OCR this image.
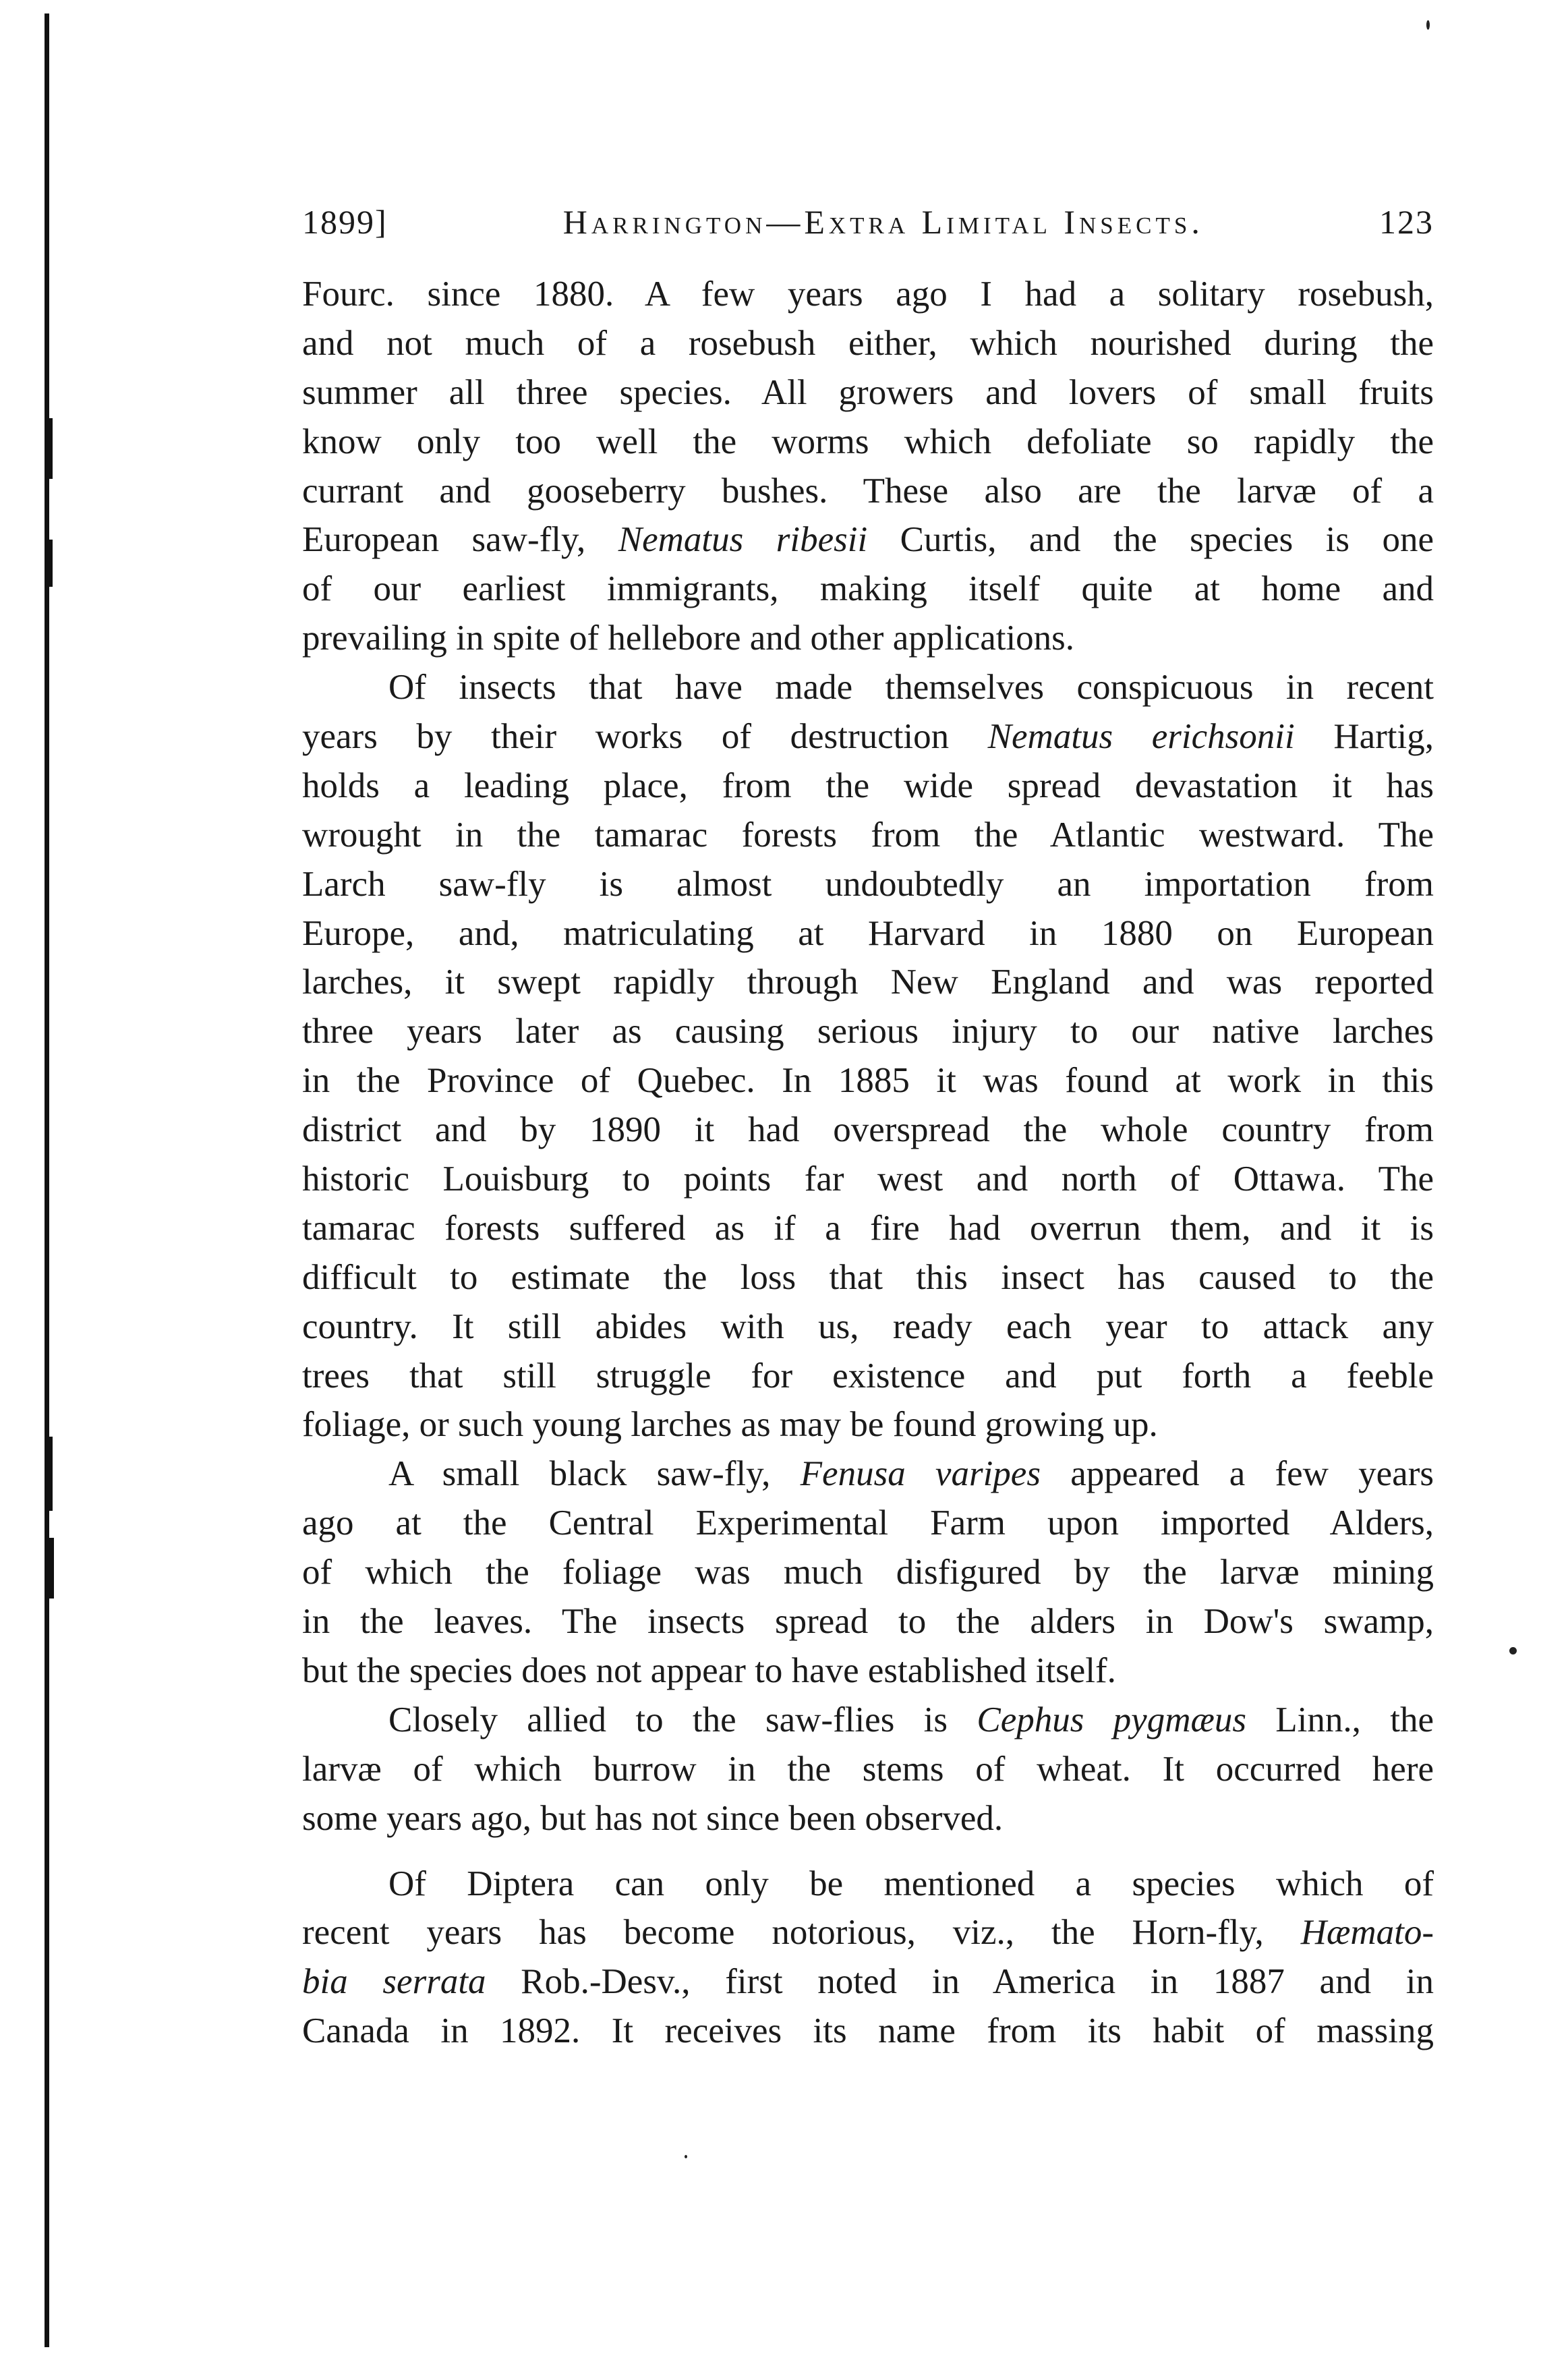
1899]	Harrington—Extra Limital Insects.	123
Fourc. since 1880. A few years ago I had a solitary rosebush,
and not much of a rosebush either, which nourished during the
summer all three species. All growers and lovers of small fruits
know only too well the worms which defoliate so rapidly the
currant and gooseberry bushes. These also are the larvæ of a
European saw-fly, Nematus ribesii Curtis, and the species is one
of our earliest immigrants, making itself quite at home and
prevailing in spite of hellebore and other applications.
Of insects that have made themselves conspicuous in recent
years by their works of destruction Nematus erichsonii Hartig,
holds a leading place, from the wide spread devastation it has
wrought in the tamarac forests from the Atlantic westward. The
Larch saw-fly is almost undoubtedly an importation from
Europe, and, matriculating at Harvard in 1880 on European
larches, it swept rapidly through New England and was reported
three years later as causing serious injury to our native larches
in the Province of Quebec. In 1885 it was found at work in this
district and by 1890 it had overspread the whole country from
historic Louisburg to points far west and north of Ottawa. The
tamarac forests suffered as if a fire had overrun them, and it is
difficult to estimate the loss that this insect has caused to the
country. It still abides with us, ready each year to attack any
trees that still struggle for existence and put forth a feeble
foliage, or such young larches as may be found growing up.
A small black saw-fly, Fenusa varipes appeared a few years
ago at the Central Experimental Farm upon imported Alders,
of which the foliage was much disfigured by the larvæ mining
in the leaves. The insects spread to the alders in Dow's swamp,
but the species does not appear to have established itself.
Closely allied to the saw-flies is Cephus pygmæus Linn., the
larvæ of which burrow in the stems of wheat. It occurred here
some years ago, but has not since been observed.
Of Diptera can only be mentioned a species which of
recent years has become notorious, viz., the Horn-fly, Hæmato-
bia serrata Rob.-Desv., first noted in America in 1887 and in
Canada in 1892. It receives its name from its habit of massing
